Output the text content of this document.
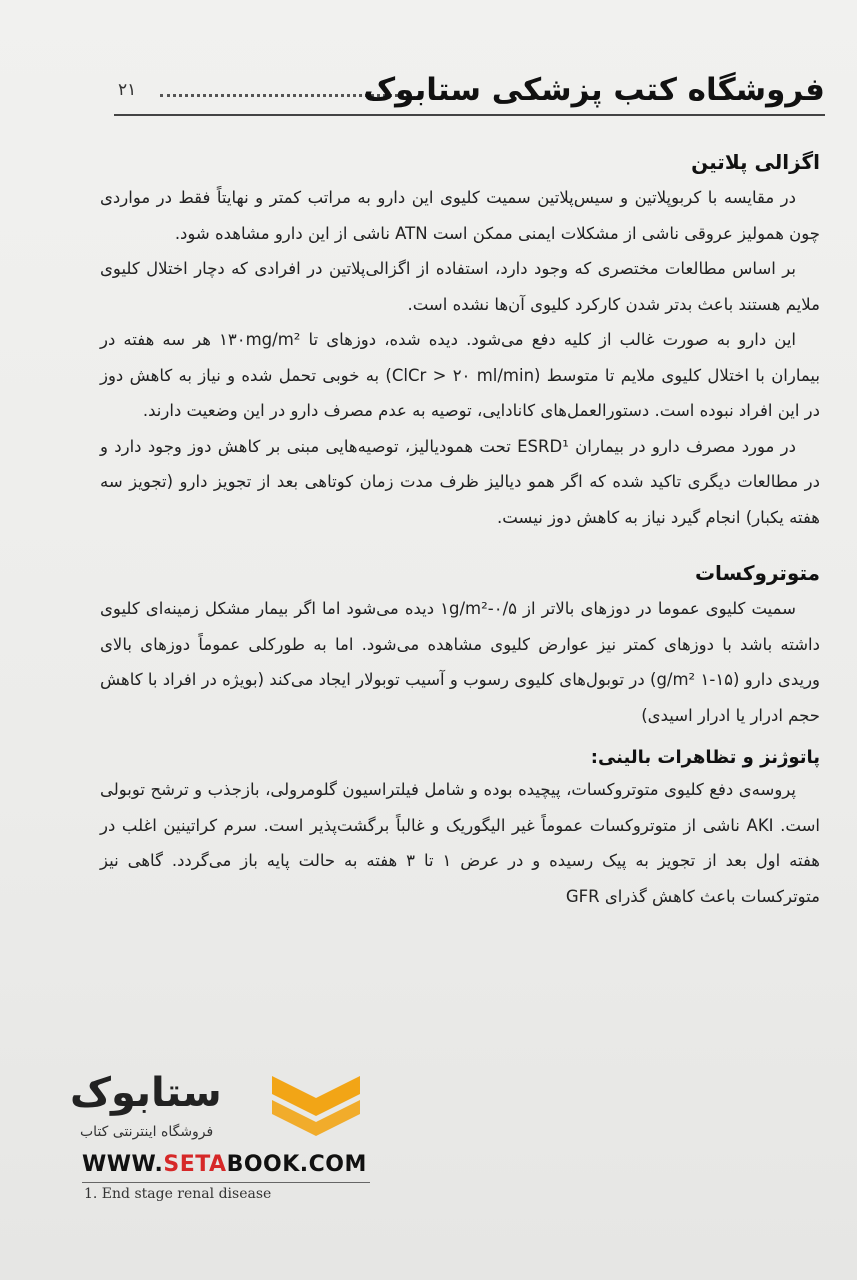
۲۱	فروشگاه کتب پزشکی ستابوک
اگزالی پلاتین

در مقایسه با کربوپلاتین و سیس‌پلاتین سمیت کلیوی این دارو به مراتب کمتر و نهایتاً فقط در مواردی چون همولیز عروقی ناشی از مشکلات ایمنی ممکن است ATN ناشی از این دارو مشاهده شود.

بر اساس مطالعات مختصری که وجود دارد، استفاده از اگزالی‌پلاتین در افرادی که دچار اختلال کلیوی ملایم هستند باعث بدتر شدن کارکرد کلیوی آن‌ها نشده است.

این دارو به صورت غالب از کلیه دفع می‌شود. دیده شده، دوزهای تا ۱۳۰mg/m² هر سه هفته در بیماران با اختلال کلیوی ملایم تا متوسط (ClCr > ۲۰ ml/min) به خوبی تحمل شده و نیاز به کاهش دوز در این افراد نبوده است. دستورالعمل‌های کانادایی، توصیه به عدم مصرف دارو در این وضعیت دارند.

در مورد مصرف دارو در بیماران ESRD¹ تحت همودیالیز، توصیه‌هایی مبنی بر کاهش دوز وجود دارد و در مطالعات دیگری تاکید شده که اگر همو دیالیز ظرف مدت زمان کوتاهی بعد از تجویز دارو (تجویز سه هفته یکبار) انجام گیرد نیاز به کاهش دوز نیست.

متوتروکسات

سمیت کلیوی عموما در دوزهای بالاتر از ۰/۵-۱g/m² دیده می‌شود اما اگر بیمار مشکل زمینه‌ای کلیوی داشته باشد با دوزهای کمتر نیز عوارض کلیوی مشاهده می‌شود. اما به طورکلی عموماً دوزهای بالای وریدی دارو (۱۵-۱ g/m²) در توبول‌های کلیوی رسوب و آسیب توبولار ایجاد می‌کند (بویژه در افراد با کاهش حجم ادرار یا ادرار اسیدی)

پاتوژنز و تظاهرات بالینی:

پروسه‌ی دفع کلیوی متوتروکسات، پیچیده بوده و شامل فیلتراسیون گلومرولی، بازجذب و ترشح توبولی است. AKI ناشی از متوتروکسات عموماً غیر الیگوریک و غالباً برگشت‌پذیر است. سرم کراتینین اغلب در هفته اول بعد از تجویز به پیک رسیده و در عرض ۱ تا ۳ هفته به حالت پایه باز می‌گردد. گاهی نیز متوترکسات باعث کاهش گذرای GFR

ستابوک
فروشگاه اینترنتی کتاب
WWW.SETABOOK.COM
1. End stage renal disease
